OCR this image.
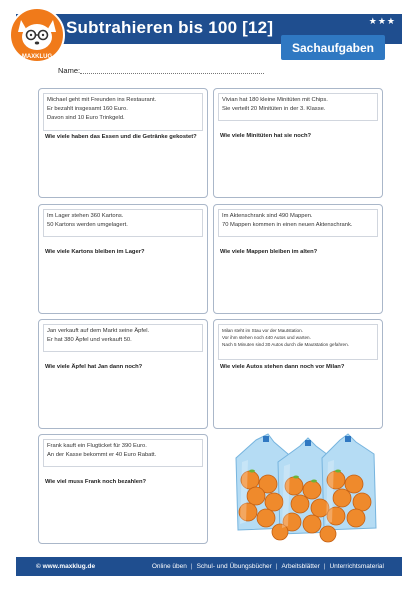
MAXKLUG
Subtrahieren bis 100 [12]	★★★
Sachaufgaben
Name:
Michael geht mit Freunden ins Restaurant.
Er bezahlt insgesamt 160 Euro.
Davon sind 10 Euro Trinkgeld.
Wie viele haben das Essen und die Getränke gekostet?
Vivian hat 180 kleine Minitüten mit Chips.
Sie verteilt 20 Minitüten in der 3. Klasse.
Wie viele Minitüten hat sie noch?
Im Lager stehen 360 Kartons.
50 Kartons werden umgelagert.
Wie viele Kartons bleiben im Lager?
Im Aktenschrank sind 490 Mappen.
70 Mappen kommen in einen neuen Aktenschrank.
Wie viele Mappen bleiben im alten?
Jan verkauft auf dem Markt seine Äpfel.
Er hat 380 Äpfel und verkauft 50.
Wie viele Äpfel hat Jan dann noch?
Milan steht im Stau vor der Mautstation.
Vor ihm stehen noch 440 Autos und warten.
Nach 5 Minuten sind 30 Autos durch die Mautstation gefahren.
Wie viele Autos stehen dann noch vor Milan?
Frank kauft ein Flugticket für 390 Euro.
An der Kasse bekommt er 40 Euro Rabatt.
Wie viel muss Frank noch bezahlen?
© www.maxklug.de	Online üben | Schul- und Übungsbücher | Arbeitsblätter | Unterrichtsmaterial
